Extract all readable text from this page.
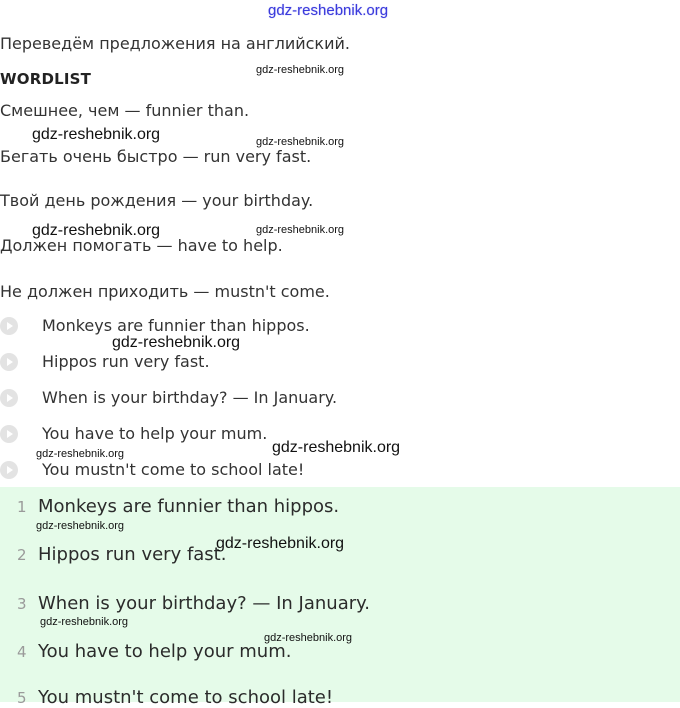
gdz-reshebnik.org
Переведём предложения на английский.
WORDLIST
Смешнее, чем — funnier than.
Бегать очень быстро — run very fast.
Твой день рождения — your birthday.
Должен помогать — have to help.
Не должен приходить — mustn't come.
Monkeys are funnier than hippos.
Hippos run very fast.
When is your birthday? — In January.
You have to help your mum.
You mustn't come to school late!
1 Monkeys are funnier than hippos.
2 Hippos run very fast.
3 When is your birthday? — In January.
4 You have to help your mum.
5 You mustn't come to school late!
gdz-reshebnik.org
gdz-reshebnik.org	gdz-reshebnik.org
gdz-reshebnik.org	gdz-reshebnik.org
gdz-reshebnik.org
gdz-reshebnik.org
gdz-reshebnik.org
gdz-reshebnik.org
gdz-reshebnik.org
gdz-reshebnik.org
gdz-reshebnik.org
